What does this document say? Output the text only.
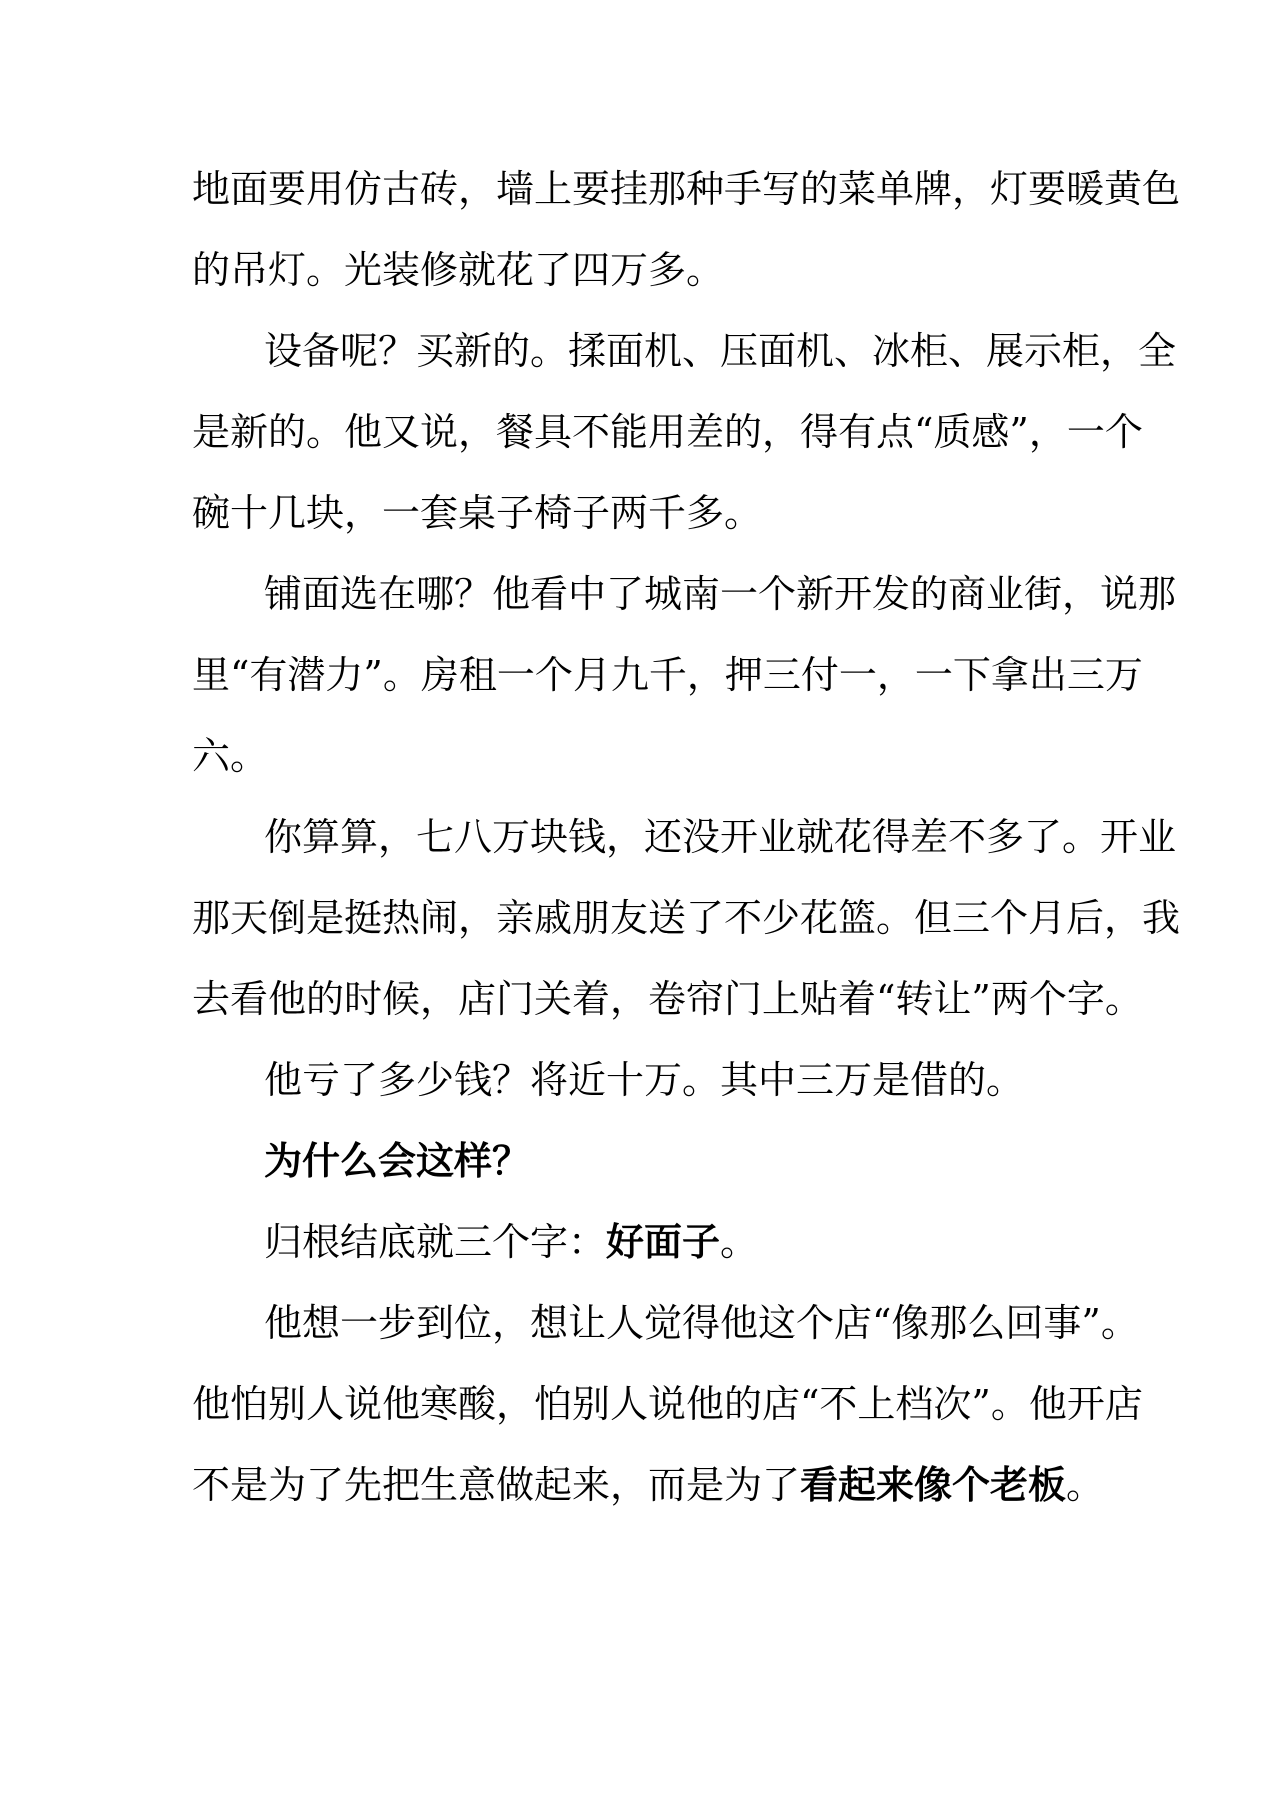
地面要用仿古砖，墙上要挂那种手写的菜单牌，灯要暖黄色
的吊灯。光装修就花了四万多。
设备呢？买新的。揉面机、压面机、冰柜、展示柜，全
是新的。他又说，餐具不能用差的，得有点“质感”，一个
碗十几块，一套桌子椅子两千多。
铺面选在哪？他看中了城南一个新开发的商业街，说那
里“有潜力”。房租一个月九千，押三付一，一下拿出三万
六。
你算算，七八万块钱，还没开业就花得差不多了。开业
那天倒是挺热闹，亲戚朋友送了不少花篮。但三个月后，我
去看他的时候，店门关着，卷帘门上贴着“转让”两个字。
他亏了多少钱？将近十万。其中三万是借的。
为什么会这样？
归根结底就三个字：好面子。
他想一步到位，想让人觉得他这个店“像那么回事”。
他怕别人说他寒酸，怕别人说他的店“不上档次”。他开店
不是为了先把生意做起来，而是为了看起来像个老板。
